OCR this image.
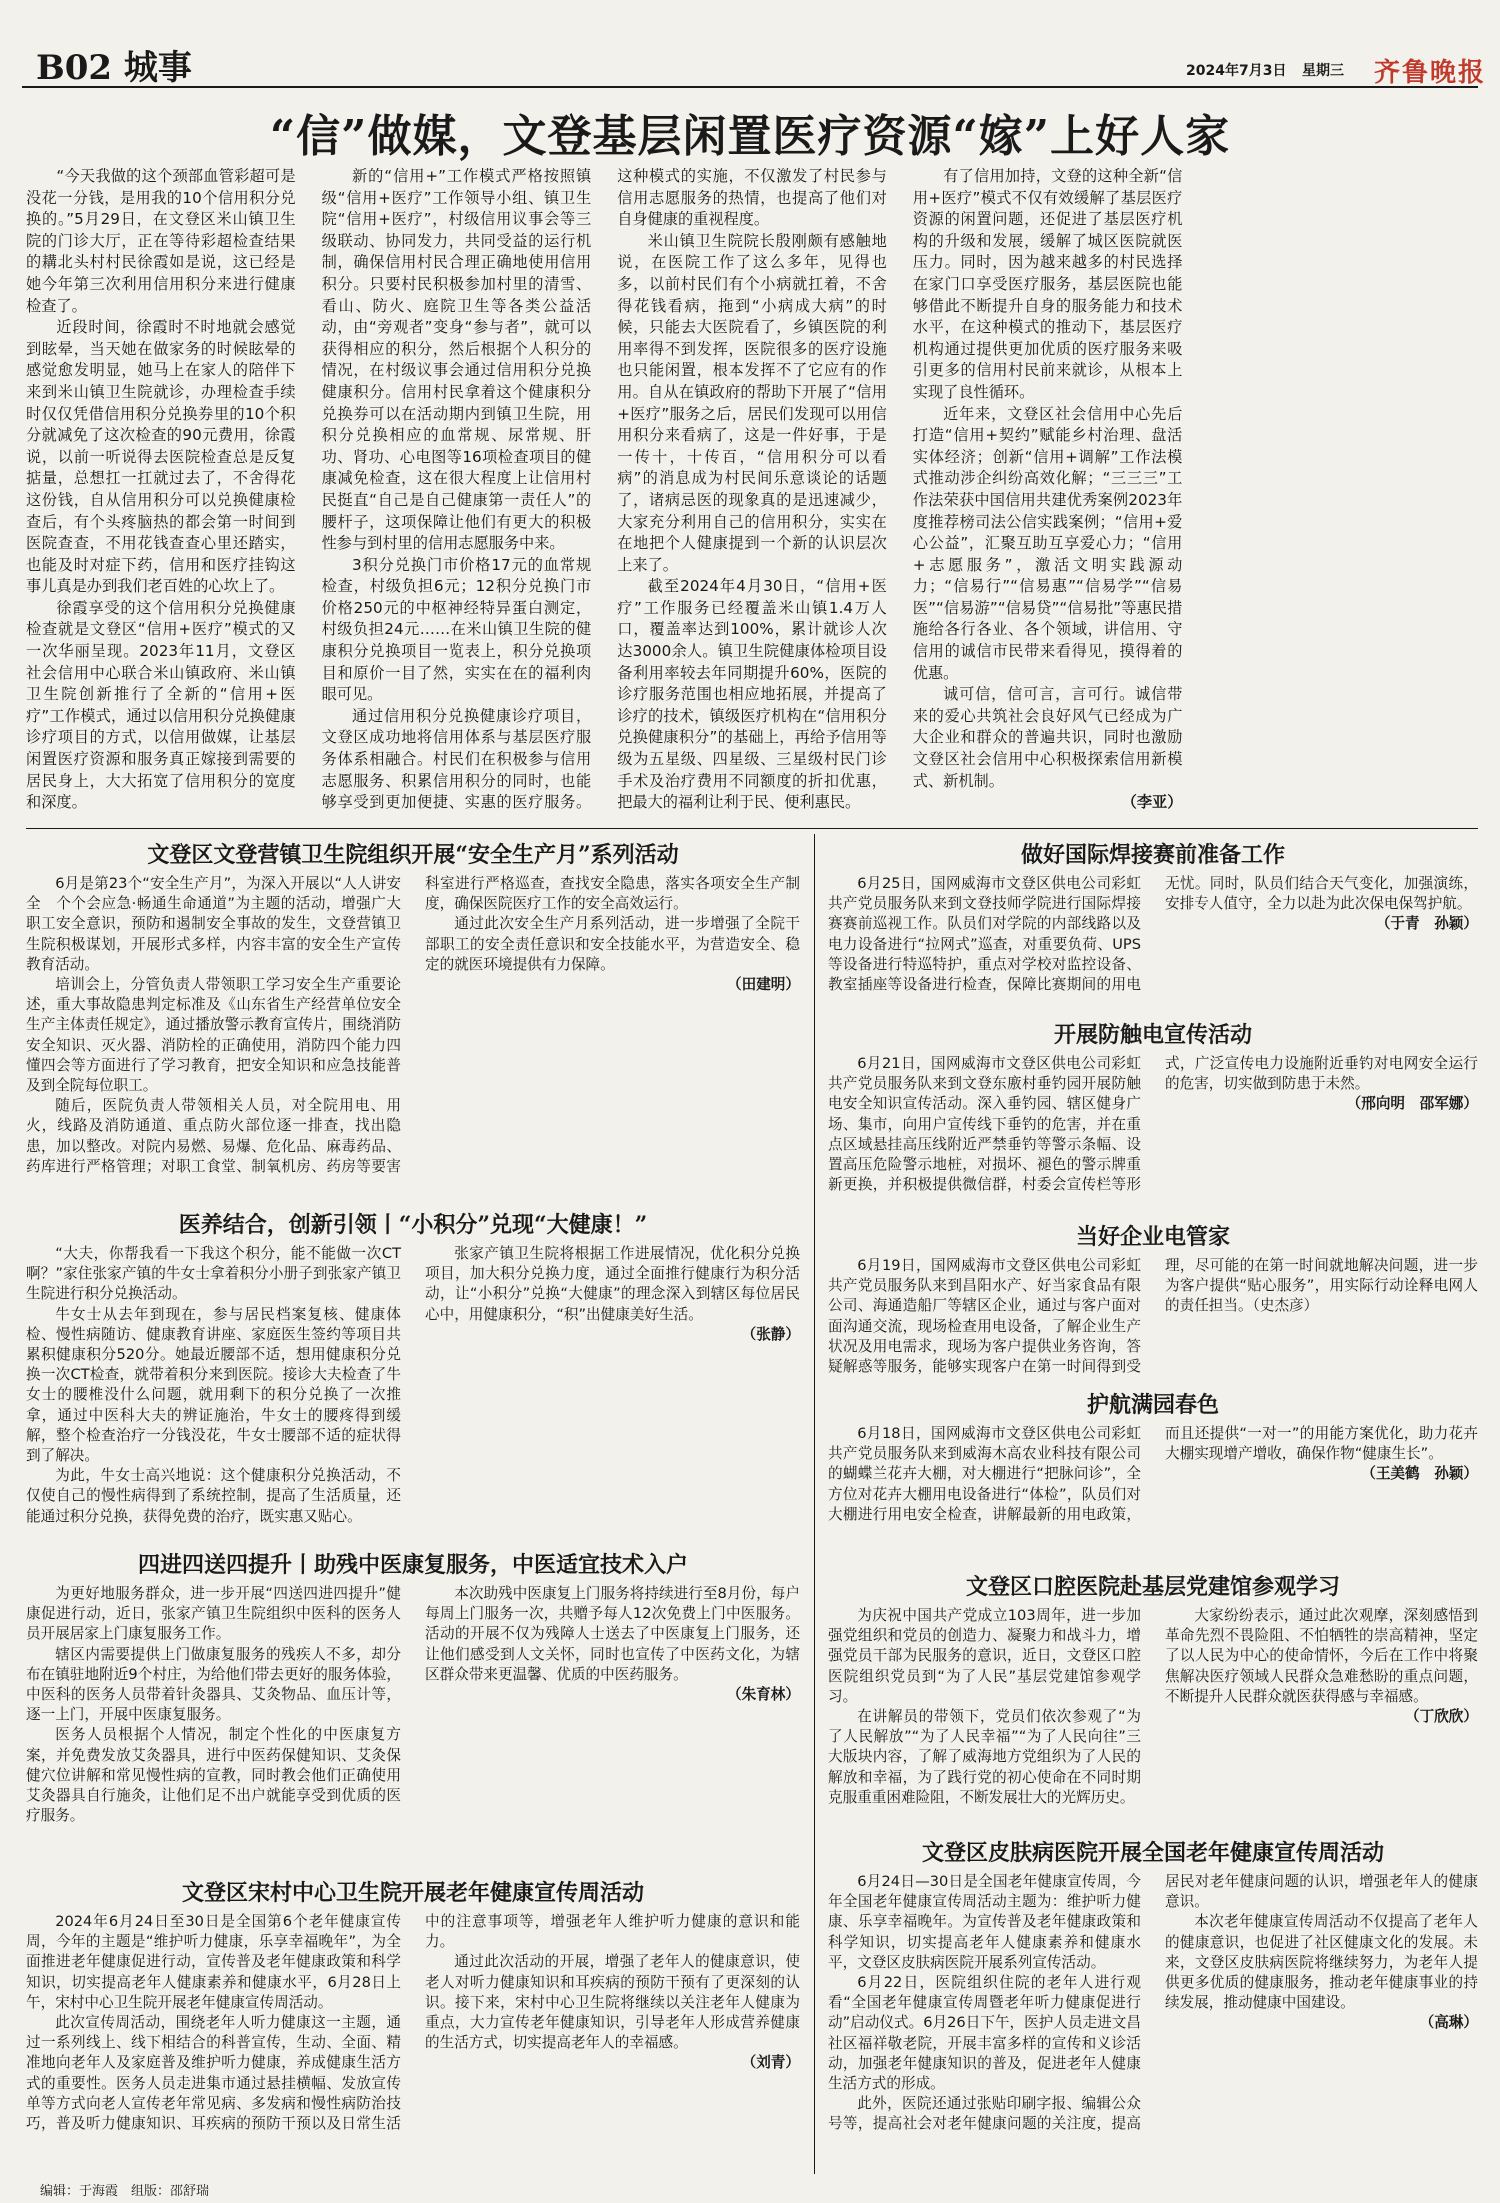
B02 城事	2024年7月3日 星期三 齐鲁晚报
“信”做媒，文登基层闲置医疗资源“嫁”上好人家

“今天我做的这个颈部血管彩超可是没花一分钱，是用我的10个信用积分兑换的。”5月29日，在文登区米山镇卫生院的门诊大厅，正在等待彩超检查结果的耩北头村村民徐霞如是说，这已经是她今年第三次利用信用积分来进行健康检查了。

近段时间，徐霞时不时地就会感觉到眩晕，当天她在做家务的时候眩晕的感觉愈发明显，她马上在家人的陪伴下来到米山镇卫生院就诊，办理检查手续时仅仅凭借信用积分兑换券里的10个积分就减免了这次检查的90元费用，徐霞说，以前一听说得去医院检查总是反复掂量，总想扛一扛就过去了，不舍得花这份钱，自从信用积分可以兑换健康检查后，有个头疼脑热的都会第一时间到医院查查，不用花钱查查心里还踏实，也能及时对症下药，信用和医疗挂钩这事儿真是办到我们老百姓的心坎上了。

徐霞享受的这个信用积分兑换健康检查就是文登区“信用+医疗”模式的又一次华丽呈现。2023年11月，文登区社会信用中心联合米山镇政府、米山镇卫生院创新推行了全新的“信用+医疗”工作模式，通过以信用积分兑换健康诊疗项目的方式，以信用做媒，让基层闲置医疗资源和服务真正嫁接到需要的居民身上，大大拓宽了信用积分的宽度和深度。

新的“信用+”工作模式严格按照镇级“信用+医疗”工作领导小组、镇卫生院“信用+医疗”，村级信用议事会等三级联动、协同发力，共同受益的运行机制，确保信用村民合理正确地使用信用积分。只要村民积极参加村里的清雪、看山、防火、庭院卫生等各类公益活动，由“旁观者”变身“参与者”，就可以获得相应的积分，然后根据个人积分的情况，在村级议事会通过信用积分兑换健康积分。信用村民拿着这个健康积分兑换券可以在活动期内到镇卫生院，用积分兑换相应的血常规、尿常规、肝功、肾功、心电图等16项检查项目的健康减免检查，这在很大程度上让信用村民挺直“自己是自己健康第一责任人”的腰杆子，这项保障让他们有更大的积极性参与到村里的信用志愿服务中来。

3积分兑换门市价格17元的血常规检查，村级负担6元；12积分兑换门市价格250元的中枢神经特异蛋白测定，村级负担24元……在米山镇卫生院的健康积分兑换项目一览表上，积分兑换项目和原价一目了然，实实在在的福利肉眼可见。

通过信用积分兑换健康诊疗项目，文登区成功地将信用体系与基层医疗服务体系相融合。村民们在积极参与信用志愿服务、积累信用积分的同时，也能够享受到更加便捷、实惠的医疗服务。这种模式的实施，不仅激发了村民参与信用志愿服务的热情，也提高了他们对自身健康的重视程度。

米山镇卫生院院长殷刚颇有感触地说，在医院工作了这么多年，见得也多，以前村民们有个小病就扛着，不舍得花钱看病，拖到“小病成大病”的时候，只能去大医院看了，乡镇医院的利用率得不到发挥，医院很多的医疗设施也只能闲置，根本发挥不了它应有的作用。自从在镇政府的帮助下开展了“信用+医疗”服务之后，居民们发现可以用信用积分来看病了，这是一件好事，于是一传十，十传百，“信用积分可以看病”的消息成为村民间乐意谈论的话题了，诸病忌医的现象真的是迅速减少，大家充分利用自己的信用积分，实实在在地把个人健康提到一个新的认识层次上来了。

截至2024年4月30日，“信用+医疗”工作服务已经覆盖米山镇1.4万人口，覆盖率达到100%，累计就诊人次达3000余人。镇卫生院健康体检项目设备利用率较去年同期提升60%，医院的诊疗服务范围也相应地拓展，并提高了诊疗的技术，镇级医疗机构在“信用积分兑换健康积分”的基础上，再给予信用等级为五星级、四星级、三星级村民门诊手术及治疗费用不同额度的折扣优惠，把最大的福利让利于民、便利惠民。

有了信用加持，文登的这种全新“信用+医疗”模式不仅有效缓解了基层医疗资源的闲置问题，还促进了基层医疗机构的升级和发展，缓解了城区医院就医压力。同时，因为越来越多的村民选择在家门口享受医疗服务，基层医院也能够借此不断提升自身的服务能力和技术水平，在这种模式的推动下，基层医疗机构通过提供更加优质的医疗服务来吸引更多的信用村民前来就诊，从根本上实现了良性循环。

近年来，文登区社会信用中心先后打造“信用+契约”赋能乡村治理、盘活实体经济；创新“信用+调解”工作法模式推动涉企纠纷高效化解；“三三三”工作法荣获中国信用共建优秀案例2023年度推荐榜司法公信实践案例；“信用+爱心公益”，汇聚互助互享爱心力；“信用+志愿服务”，激活文明实践源动力；“信易行”“信易惠”“信易学”“信易医”“信易游”“信易贷”“信易批”等惠民措施给各行各业、各个领域，讲信用、守信用的诚信市民带来看得见，摸得着的优惠。

诚可信，信可言，言可行。诚信带来的爱心共筑社会良好风气已经成为广大企业和群众的普遍共识，同时也激励文登区社会信用中心积极探索信用新模式、新机制。

（李亚）

文登区文登营镇卫生院组织开展“安全生产月”系列活动

6月是第23个“安全生产月”，为深入开展以“人人讲安全　个个会应急·畅通生命通道”为主题的活动，增强广大职工安全意识，预防和遏制安全事故的发生，文登营镇卫生院积极谋划，开展形式多样，内容丰富的安全生产宣传教育活动。

培训会上，分管负责人带领职工学习安全生产重要论述，重大事故隐患判定标准及《山东省生产经营单位安全生产主体责任规定》，通过播放警示教育宣传片，围绕消防安全知识、灭火器、消防栓的正确使用，消防四个能力四懂四会等方面进行了学习教育，把安全知识和应急技能普及到全院每位职工。

随后，医院负责人带领相关人员，对全院用电、用火，线路及消防通道、重点防火部位逐一排查，找出隐患，加以整改。对院内易燃、易爆、危化品、麻毒药品、药库进行严格管理；对职工食堂、制氧机房、药房等要害科室进行严格巡查，查找安全隐患，落实各项安全生产制度，确保医院医疗工作的安全高效运行。

通过此次安全生产月系列活动，进一步增强了全院干部职工的安全责任意识和安全技能水平，为营造安全、稳定的就医环境提供有力保障。

（田建明）

医养结合，创新引领丨“小积分”兑现“大健康！”

“大夫，你帮我看一下我这个积分，能不能做一次CT啊？”家住张家产镇的牛女士拿着积分小册子到张家产镇卫生院进行积分兑换活动。

牛女士从去年到现在，参与居民档案复核、健康体检、慢性病随访、健康教育讲座、家庭医生签约等项目共累积健康积分520分。她最近腰部不适，想用健康积分兑换一次CT检查，就带着积分来到医院。接诊大夫检查了牛女士的腰椎没什么问题，就用剩下的积分兑换了一次推拿，通过中医科大夫的辨证施治，牛女士的腰疼得到缓解，整个检查治疗一分钱没花，牛女士腰部不适的症状得到了解决。

为此，牛女士高兴地说：这个健康积分兑换活动，不仅使自己的慢性病得到了系统控制，提高了生活质量，还能通过积分兑换，获得免费的治疗，既实惠又贴心。

张家产镇卫生院将根据工作进展情况，优化积分兑换项目，加大积分兑换力度，通过全面推行健康行为积分活动，让“小积分”兑换“大健康”的理念深入到辖区每位居民心中，用健康积分，“积”出健康美好生活。

（张静）

四进四送四提升丨助残中医康复服务，中医适宜技术入户

为更好地服务群众，进一步开展“四送四进四提升”健康促进行动，近日，张家产镇卫生院组织中医科的医务人员开展居家上门康复服务工作。

辖区内需要提供上门做康复服务的残疾人不多，却分布在镇驻地附近9个村庄，为给他们带去更好的服务体验，中医科的医务人员带着针灸器具、艾灸物品、血压计等，逐一上门，开展中医康复服务。

医务人员根据个人情况，制定个性化的中医康复方案，并免费发放艾灸器具，进行中医药保健知识、艾灸保健穴位讲解和常见慢性病的宣教，同时教会他们正确使用艾灸器具自行施灸，让他们足不出户就能享受到优质的医疗服务。

本次助残中医康复上门服务将持续进行至8月份，每户每周上门服务一次，共赠予每人12次免费上门中医服务。活动的开展不仅为残障人士送去了中医康复上门服务，还让他们感受到人文关怀，同时也宣传了中医药文化，为辖区群众带来更温馨、优质的中医药服务。

（朱育林）

文登区宋村中心卫生院开展老年健康宣传周活动

2024年6月24日至30日是全国第6个老年健康宣传周，今年的主题是“维护听力健康，乐享幸福晚年”，为全面推进老年健康促进行动，宣传普及老年健康政策和科学知识，切实提高老年人健康素养和健康水平，6月28日上午，宋村中心卫生院开展老年健康宣传周活动。

此次宣传周活动，围绕老年人听力健康这一主题，通过一系列线上、线下相结合的科普宣传，生动、全面、精准地向老年人及家庭普及维护听力健康，养成健康生活方式的重要性。医务人员走进集市通过悬挂横幅、发放宣传单等方式向老人宣传老年常见病、多发病和慢性病防治技巧，普及听力健康知识、耳疾病的预防干预以及日常生活中的注意事项等，增强老年人维护听力健康的意识和能力。

通过此次活动的开展，增强了老年人的健康意识，使老人对听力健康知识和耳疾病的预防干预有了更深刻的认识。接下来，宋村中心卫生院将继续以关注老年人健康为重点，大力宣传老年健康知识，引导老年人形成营养健康的生活方式，切实提高老年人的幸福感。

（刘青）

做好国际焊接赛前准备工作

6月25日，国网威海市文登区供电公司彩虹共产党员服务队来到文登技师学院进行国际焊接赛赛前巡视工作。队员们对学院的内部线路以及电力设备进行“拉网式”巡查，对重要负荷、UPS等设备进行特巡特护，重点对学校对监控设备、教室插座等设备进行检查，保障比赛期间的用电无忧。同时，队员们结合天气变化，加强演练，安排专人值守，全力以赴为此次保电保驾护航。

（于青　孙颖）

开展防触电宣传活动

6月21日，国网威海市文登区供电公司彩虹共产党员服务队来到文登东廒村垂钓园开展防触电安全知识宣传活动。深入垂钓园、辖区健身广场、集市，向用户宣传线下垂钓的危害，并在重点区域悬挂高压线附近严禁垂钓等警示条幅、设置高压危险警示地桩，对损坏、褪色的警示牌重新更换，并积极提供微信群，村委会宣传栏等形式，广泛宣传电力设施附近垂钓对电网安全运行的危害，切实做到防患于未然。

（邢向明　邵军娜）

当好企业电管家

6月19日，国网威海市文登区供电公司彩虹共产党员服务队来到昌阳水产、好当家食品有限公司、海通造船厂等辖区企业，通过与客户面对面沟通交流，现场检查用电设备，了解企业生产状况及用电需求，现场为客户提供业务咨询，答疑解惑等服务，能够实现客户在第一时间得到受理，尽可能的在第一时间就地解决问题，进一步为客户提供“贴心服务”，用实际行动诠释电网人的责任担当。（史杰彦）

护航满园春色

6月18日，国网威海市文登区供电公司彩虹共产党员服务队来到威海木高农业科技有限公司的蝴蝶兰花卉大棚，对大棚进行“把脉问诊”，全方位对花卉大棚用电设备进行“体检”，队员们对大棚进行用电安全检查，讲解最新的用电政策，而且还提供“一对一”的用能方案优化，助力花卉大棚实现增产增收，确保作物“健康生长”。

（王美鹤　孙颖）

文登区口腔医院赴基层党建馆参观学习

为庆祝中国共产党成立103周年，进一步加强党组织和党员的创造力、凝聚力和战斗力，增强党员干部为民服务的意识，近日，文登区口腔医院组织党员到“为了人民”基层党建馆参观学习。

在讲解员的带领下，党员们依次参观了“为了人民解放”“为了人民幸福”“为了人民向往”三大版块内容，了解了威海地方党组织为了人民的解放和幸福，为了践行党的初心使命在不同时期克服重重困难险阻，不断发展壮大的光辉历史。

大家纷纷表示，通过此次观摩，深刻感悟到革命先烈不畏险阻、不怕牺牲的崇高精神，坚定了以人民为中心的使命情怀，今后在工作中将聚焦解决医疗领域人民群众急难愁盼的重点问题，不断提升人民群众就医获得感与幸福感。

（丁欣欣）

文登区皮肤病医院开展全国老年健康宣传周活动

6月24日—30日是全国老年健康宣传周，今年全国老年健康宣传周活动主题为：维护听力健康、乐享幸福晚年。为宣传普及老年健康政策和科学知识，切实提高老年人健康素养和健康水平，文登区皮肤病医院开展系列宣传活动。

6月22日，医院组织住院的老年人进行观看“全国老年健康宣传周暨老年听力健康促进行动”启动仪式。6月26日下午，医护人员走进文昌社区福祥敬老院，开展丰富多样的宣传和义诊活动，加强老年健康知识的普及，促进老年人健康生活方式的形成。

此外，医院还通过张贴印刷字报、编辑公众号等，提高社会对老年健康问题的关注度，提高居民对老年健康问题的认识，增强老年人的健康意识。

本次老年健康宣传周活动不仅提高了老年人的健康意识，也促进了社区健康文化的发展。未来，文登区皮肤病医院将继续努力，为老年人提供更多优质的健康服务，推动老年健康事业的持续发展，推动健康中国建设。

（高琳）

编辑：于海霞　组版：邵舒瑞
